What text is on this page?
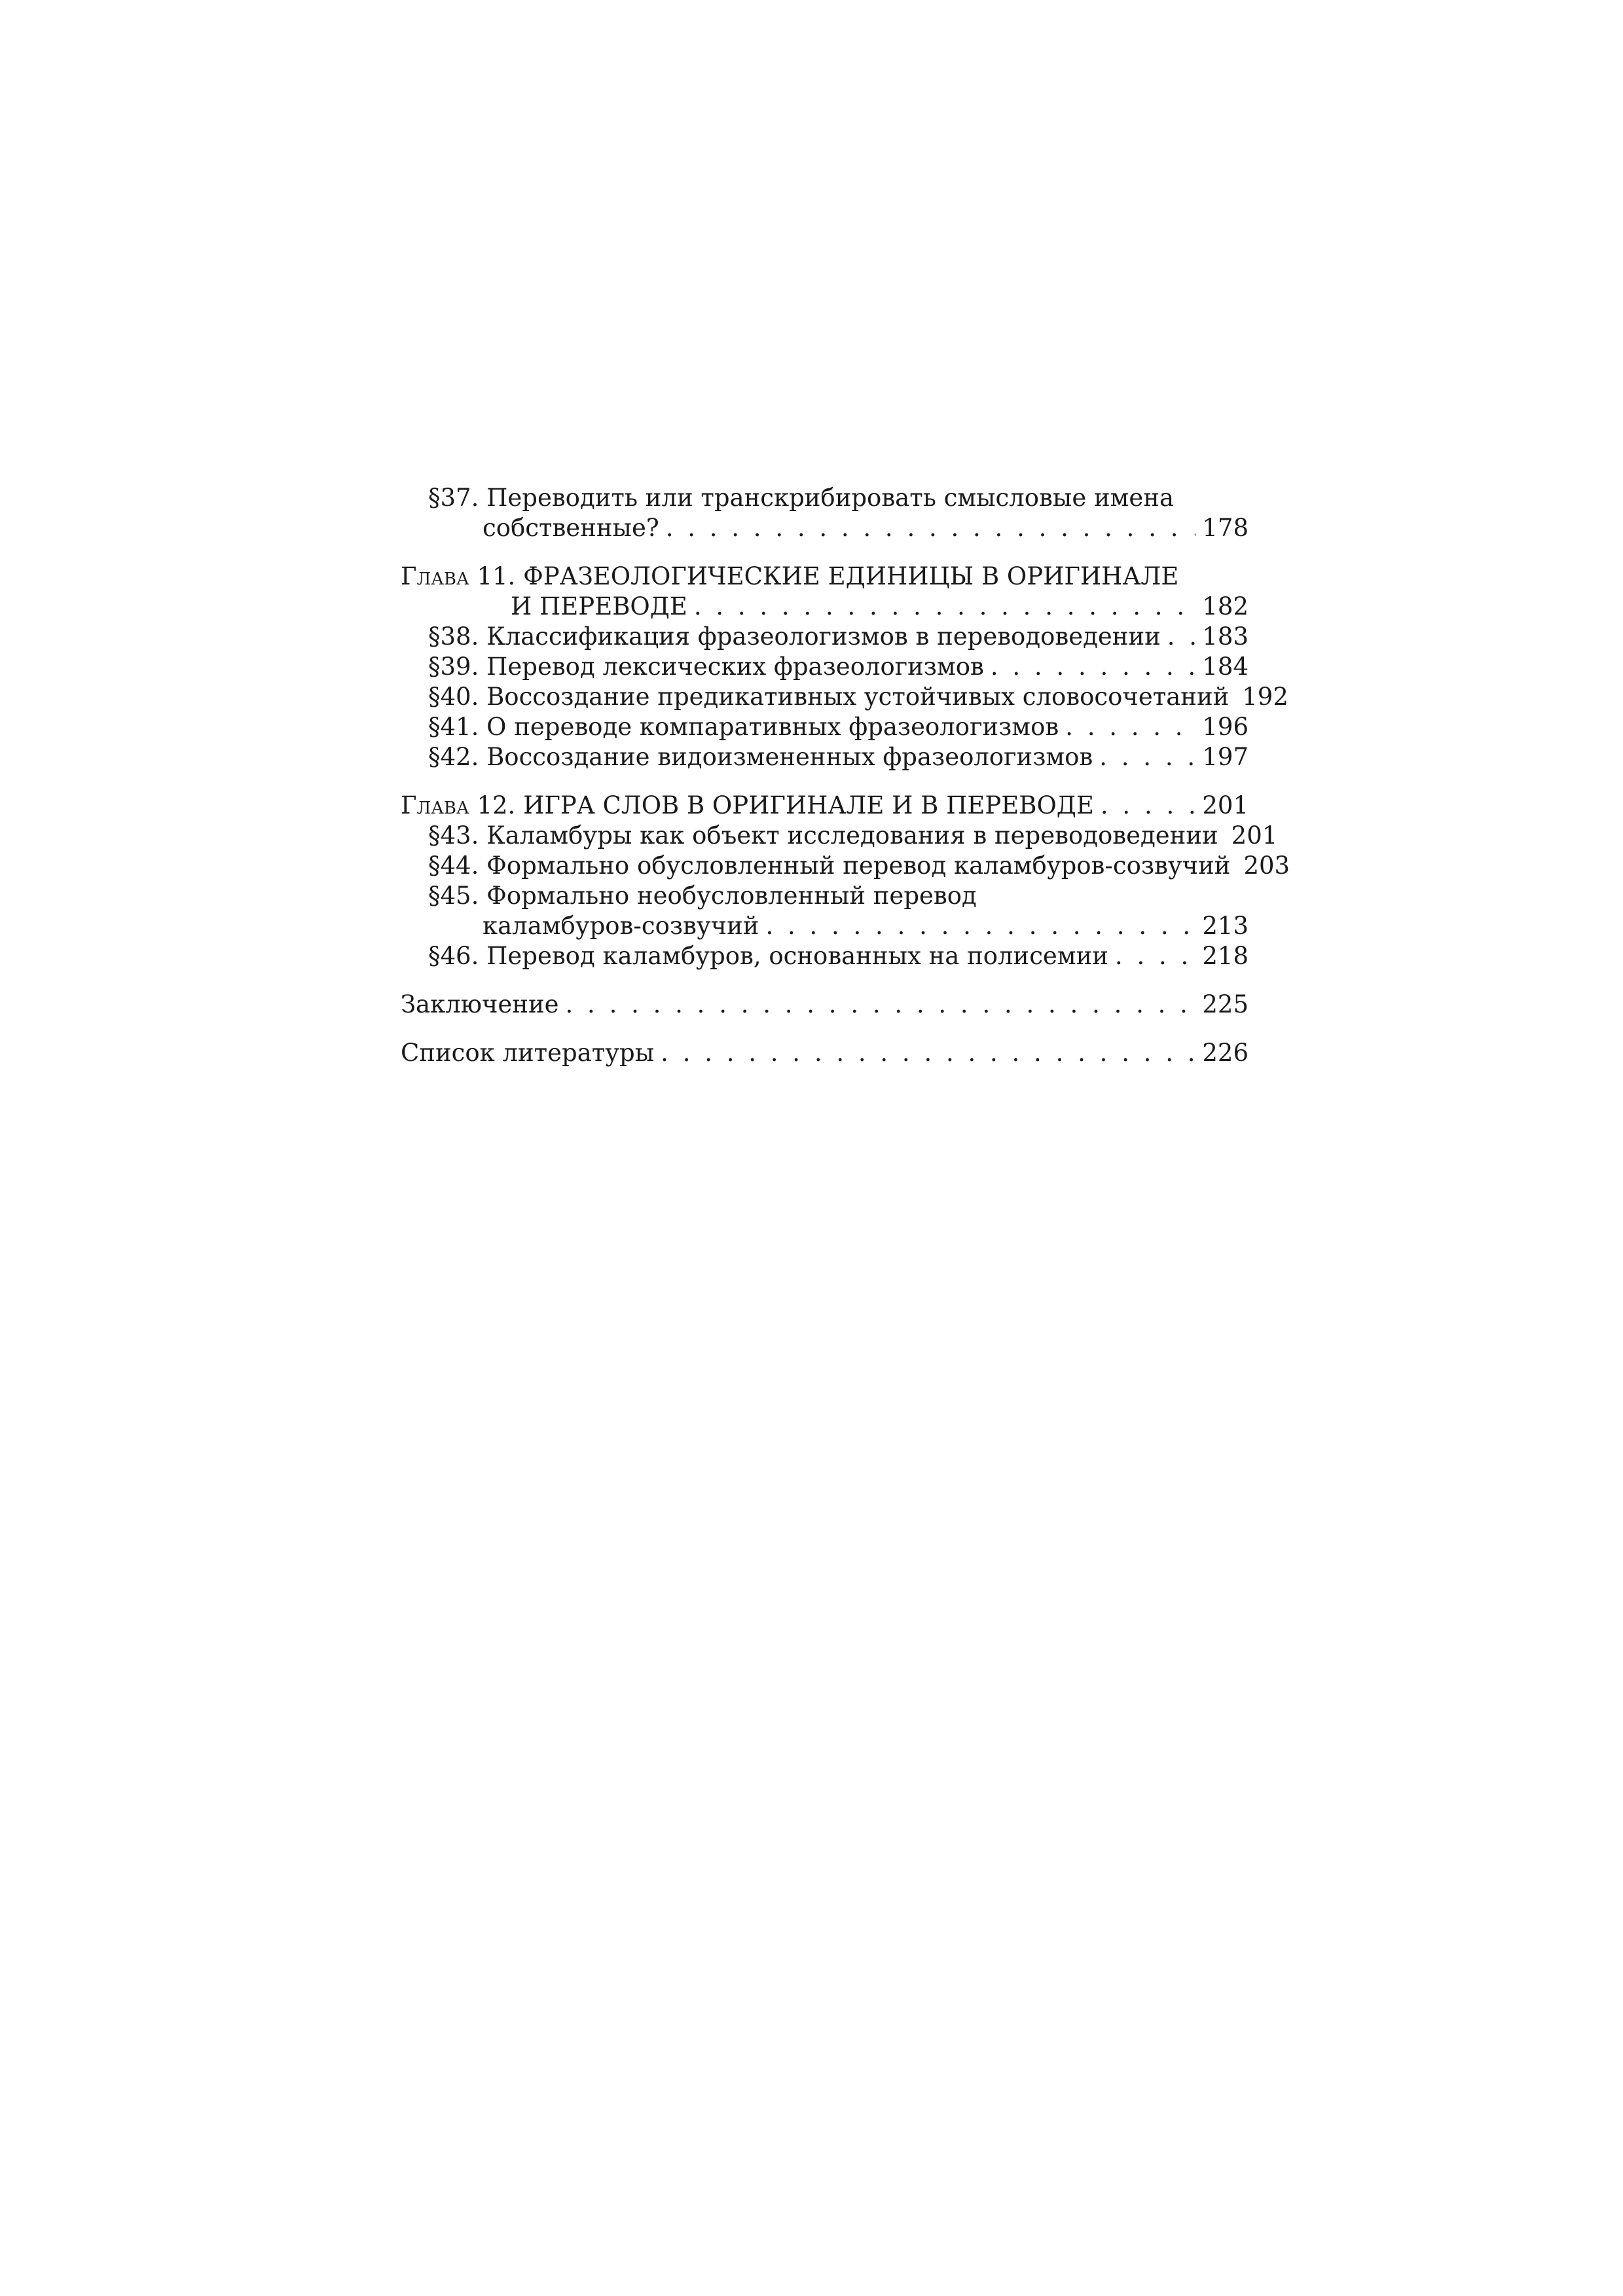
§37. Переводить или транскрибировать смысловые имена
собственные? . . .	178
Глава 11. ФРАЗЕОЛОГИЧЕСКИЕ ЕДИНИЦЫ В ОРИГИНАЛЕ
И ПЕРЕВОДЕ . . .	182
§38. Классификация фразеологизмов в переводоведении . . . 183
§39. Перевод лексических фразеологизмов . . .	184
§40. Воссоздание предикативных устойчивых словосочетаний 192
§41. О переводе компаративных фразеологизмов . . .	196
§42. Воссоздание видоизмененных фразеологизмов . . .	197
Глава 12. ИГРА СЛОВ В ОРИГИНАЛЕ И В ПЕРЕВОДЕ . . .	201
§43. Каламбуры как объект исследования в переводоведении 201
§44. Формально обусловленный перевод каламбуров-созвучий 203
§45. Формально необусловленный перевод
каламбуров-созвучий . . .	213
§46. Перевод каламбуров, основанных на полисемии . . .	218
Заключение . . .	225
Список литературы . . .	226
